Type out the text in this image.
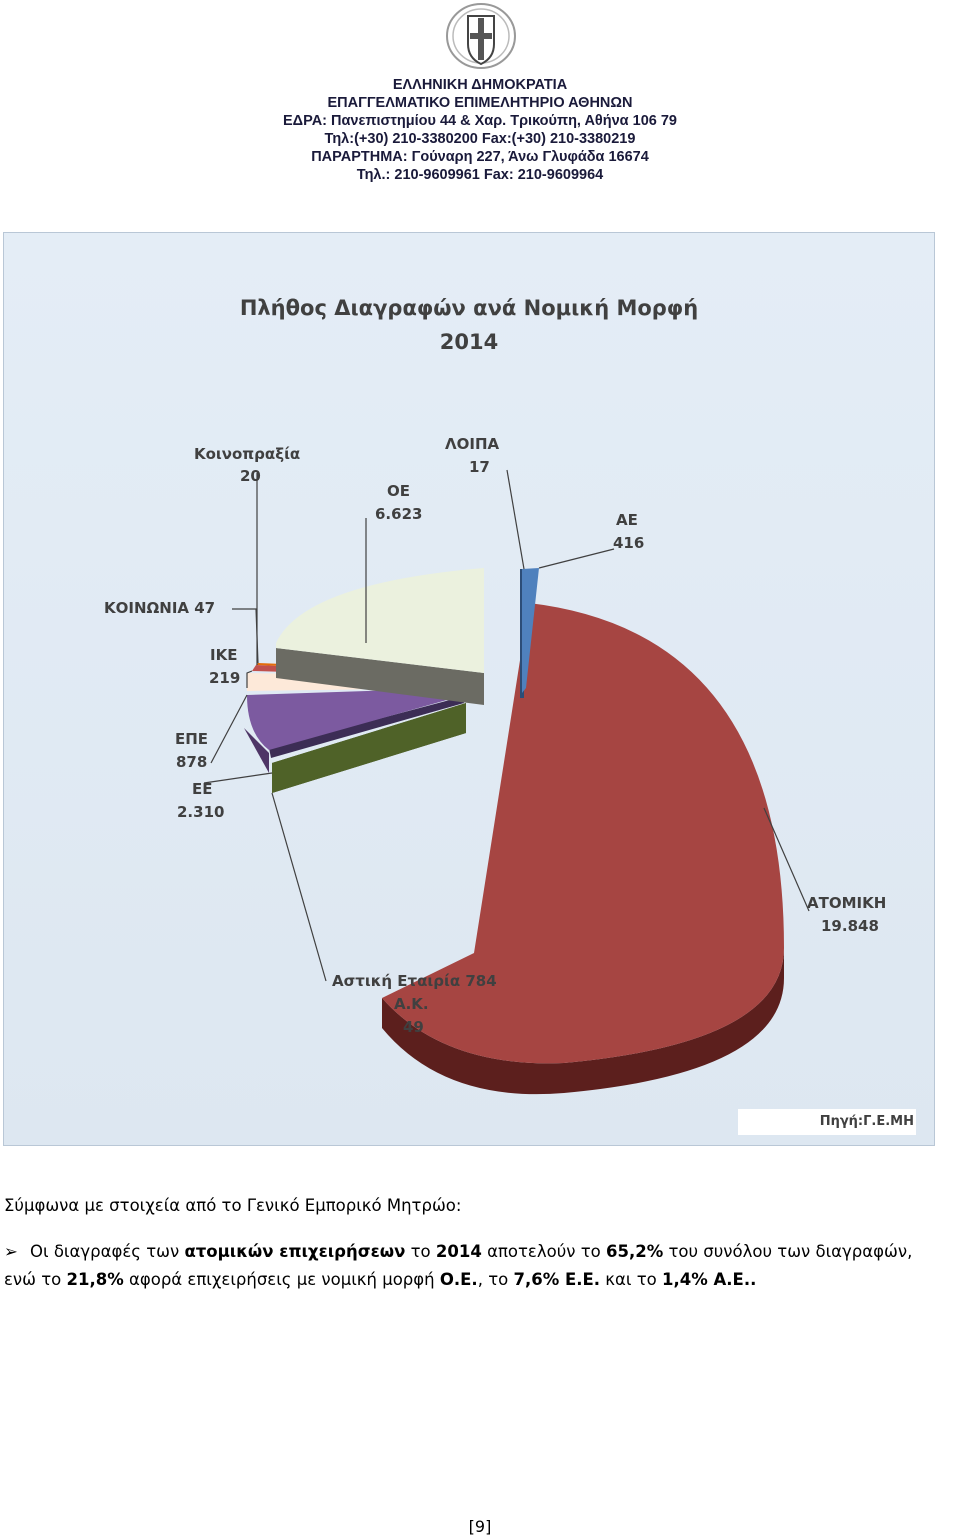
ΕΛΛΗΝΙΚΗ ΔΗΜΟΚΡΑΤΙΑ
ΕΠΑΓΓΕΛΜΑΤΙΚΟ ΕΠΙΜΕΛΗΤΗΡΙΟ ΑΘΗΝΩΝ
ΕΔΡΑ: Πανεπιστημίου 44 & Χαρ. Τρικούπη, Αθήνα 106 79
Τηλ:(+30) 210-3380200 Fax:(+30) 210-3380219
ΠΑΡΑΡΤΗΜΑ: Γούναρη 227, Άνω Γλυφάδα 16674
Τηλ.: 210-9609961 Fax: 210-9609964
Πλήθος Διαγραφών ανά Νομική Μορφή
2014
Κοινοπραξία
20
ΛΟΙΠΑ
17
ΟΕ
6.623	ΑΕ
416
ΚΟΙΝΩΝΙΑ 47
ΙΚΕ
219
ΕΠΕ
878
ΕΕ
2.310
ΑΤΟΜΙΚΗ
19.848
Αστική Εταιρία 784
Α.Κ.
49
Πηγή:Γ.Ε.ΜΗ
Σύμφωνα με στοιχεία από το Γενικό Εμπορικό Μητρώο:
➢ Οι διαγραφές των ατομικών επιχειρήσεων το 2014 αποτελούν το 65,2% του συνόλου των διαγραφών,
ενώ το 21,8% αφορά επιχειρήσεις με νομική μορφή Ο.Ε., το 7,6% Ε.Ε. και το 1,4% Α.Ε..
[9]
